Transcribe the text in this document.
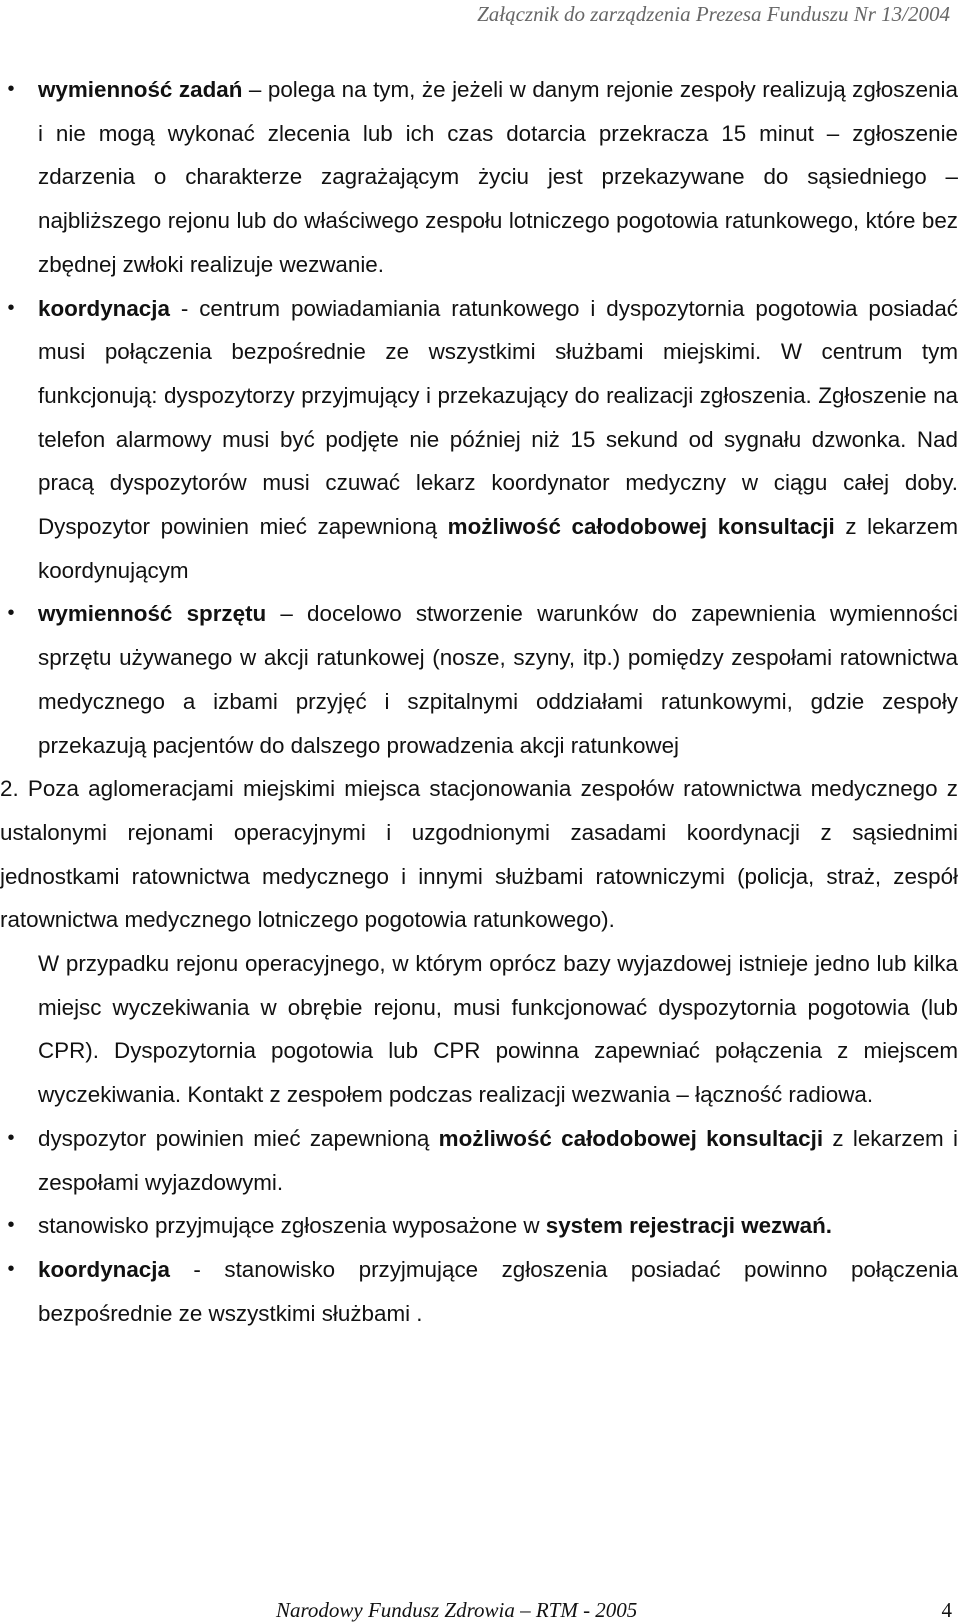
Załącznik do zarządzenia Prezesa Funduszu Nr 13/2004
• wymienność zadań – polega na tym, że jeżeli w danym rejonie zespoły realizują zgłoszenia i nie mogą wykonać zlecenia lub ich czas dotarcia przekracza 15 minut – zgłoszenie zdarzenia o charakterze zagrażającym życiu jest przekazywane do sąsiedniego – najbliższego rejonu lub do właściwego zespołu lotniczego pogotowia ratunkowego, które bez zbędnej zwłoki realizuje wezwanie.
• koordynacja - centrum powiadamiania ratunkowego i dyspozytornia pogotowia posiadać musi połączenia bezpośrednie ze wszystkimi służbami miejskimi. W centrum tym funkcjonują: dyspozytorzy przyjmujący i przekazujący do realizacji zgłoszenia. Zgłoszenie na telefon alarmowy musi być podjęte nie później niż 15 sekund od sygnału dzwonka. Nad pracą dyspozytorów musi czuwać lekarz koordynator medyczny w ciągu całej doby. Dyspozytor powinien mieć zapewnioną możliwość całodobowej konsultacji z lekarzem koordynującym
• wymienność sprzętu – docelowo stworzenie warunków do zapewnienia wymienności sprzętu używanego w akcji ratunkowej (nosze, szyny, itp.) pomiędzy zespołami ratownictwa medycznego a izbami przyjęć i szpitalnymi oddziałami ratunkowymi, gdzie zespoły przekazują pacjentów do dalszego prowadzenia akcji ratunkowej
2. Poza aglomeracjami miejskimi miejsca stacjonowania zespołów ratownictwa medycznego z ustalonymi rejonami operacyjnymi i uzgodnionymi zasadami koordynacji z sąsiednimi jednostkami ratownictwa medycznego i innymi służbami ratowniczymi (policja, straż, zespół ratownictwa medycznego lotniczego pogotowia ratunkowego).
W przypadku rejonu operacyjnego, w którym oprócz bazy wyjazdowej istnieje jedno lub kilka miejsc wyczekiwania w obrębie rejonu, musi funkcjonować dyspozytornia pogotowia (lub CPR). Dyspozytornia pogotowia lub CPR powinna zapewniać połączenia z miejscem wyczekiwania. Kontakt z zespołem podczas realizacji wezwania – łączność radiowa.
• dyspozytor powinien mieć zapewnioną możliwość całodobowej konsultacji z lekarzem i zespołami wyjazdowymi.
• stanowisko przyjmujące zgłoszenia wyposażone w system rejestracji wezwań.
• koordynacja - stanowisko przyjmujące zgłoszenia posiadać powinno połączenia bezpośrednie ze wszystkimi służbami .
Narodowy Fundusz Zdrowia – RTM - 2005	4
